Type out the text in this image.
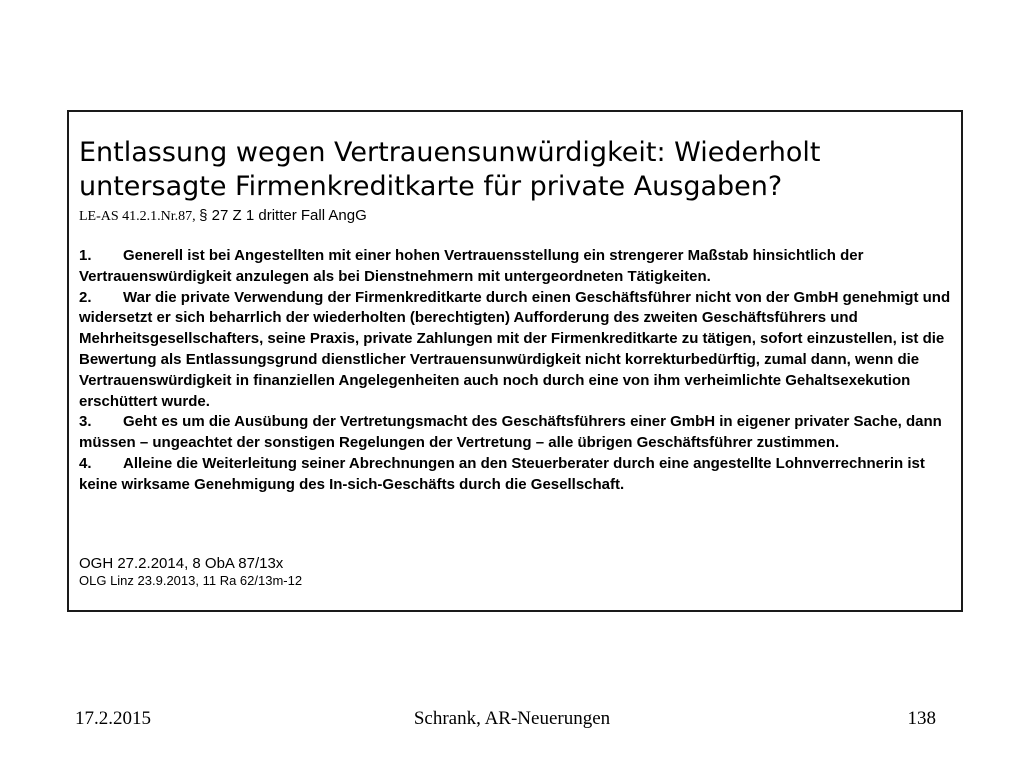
Entlassung wegen Vertrauensunwürdigkeit: Wiederholt untersagte Firmenkreditkarte für private Ausgaben?
LE-AS 41.2.1.Nr.87, § 27 Z 1 dritter Fall AngG
1. Generell ist bei Angestellten mit einer hohen Vertrauensstellung ein strengerer Maßstab hinsichtlich der Vertrauenswürdigkeit anzulegen als bei Dienstnehmern mit untergeordneten Tätigkeiten.
2. War die private Verwendung der Firmenkreditkarte durch einen Geschäftsführer nicht von der GmbH genehmigt und widersetzt er sich beharrlich der wiederholten (berechtigten) Aufforderung des zweiten Geschäftsführers und Mehrheitsgesellschafters, seine Praxis, private Zahlungen mit der Firmenkreditkarte zu tätigen, sofort einzustellen, ist die Bewertung als Entlassungsgrund dienstlicher Vertrauensunwürdigkeit nicht korrekturbedürftig, zumal dann, wenn die Vertrauenswürdigkeit in finanziellen Angelegenheiten auch noch durch eine von ihm verheimlichte Gehaltsexekution erschüttert wurde.
3. Geht es um die Ausübung der Vertretungsmacht des Geschäftsführers einer GmbH in eigener privater Sache, dann müssen – ungeachtet der sonstigen Regelungen der Vertretung – alle übrigen Geschäftsführer zustimmen.
4. Alleine die Weiterleitung seiner Abrechnungen an den Steuerberater durch eine angestellte Lohnverrechnerin ist keine wirksame Genehmigung des In-sich-Geschäfts durch die Gesellschaft.
OGH 27.2.2014, 8 ObA 87/13x
OLG Linz 23.9.2013, 11 Ra 62/13m-12
17.2.2015	Schrank, AR-Neuerungen	138
